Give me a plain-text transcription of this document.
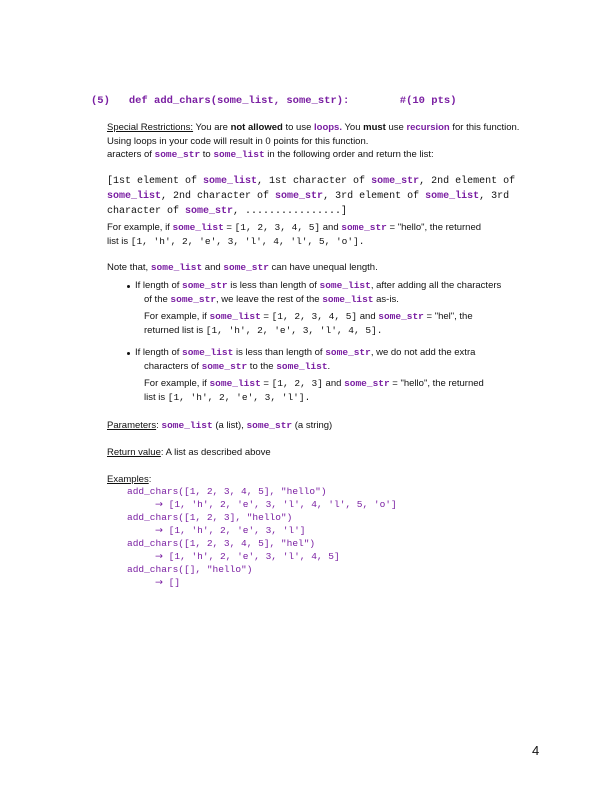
(5) def add_chars(some_list, some_str):	#(10 pts)
Special Restrictions: You are not allowed to use loops. You must use recursion for this function.
Using loops in your code will result in 0 points for this function.
aracters of some_str to some_list in the following order and return the list:
[1st element of some_list, 1st character of some_str, 2nd element of
some_list, 2nd character of some_str, 3rd element of some_list, 3rd
character of some_str, ................]
For example, if some_list = [1, 2, 3, 4, 5] and some_str = "hello", the returned
list is [1, 'h', 2, 'e', 3, 'l', 4, 'l', 5, 'o'].
Note that, some_list and some_str can have unequal length.
If length of some_str is less than length of some_list, after adding all the characters
of the some_str, we leave the rest of the some_list as-is.
For example, if some_list = [1, 2, 3, 4, 5] and some_str = "hel", the
returned list is [1, 'h', 2, 'e', 3, 'l', 4, 5].
If length of some_list is less than length of some_str, we do not add the extra
characters of some_str to the some_list.
For example, if some_list = [1, 2, 3] and some_str = "hello", the returned
list is [1, 'h', 2, 'e', 3, 'l'].
Parameters: some_list (a list), some_str (a string)
Return value: A list as described above
Examples:
add_chars([1, 2, 3, 4, 5], "hello")
→ [1, 'h', 2, 'e', 3, 'l', 4, 'l', 5, 'o']
add_chars([1, 2, 3], "hello")
→ [1, 'h', 2, 'e', 3, 'l']
add_chars([1, 2, 3, 4, 5], "hel")
→ [1, 'h', 2, 'e', 3, 'l', 4, 5]
add_chars([], "hello")
→ []
4
